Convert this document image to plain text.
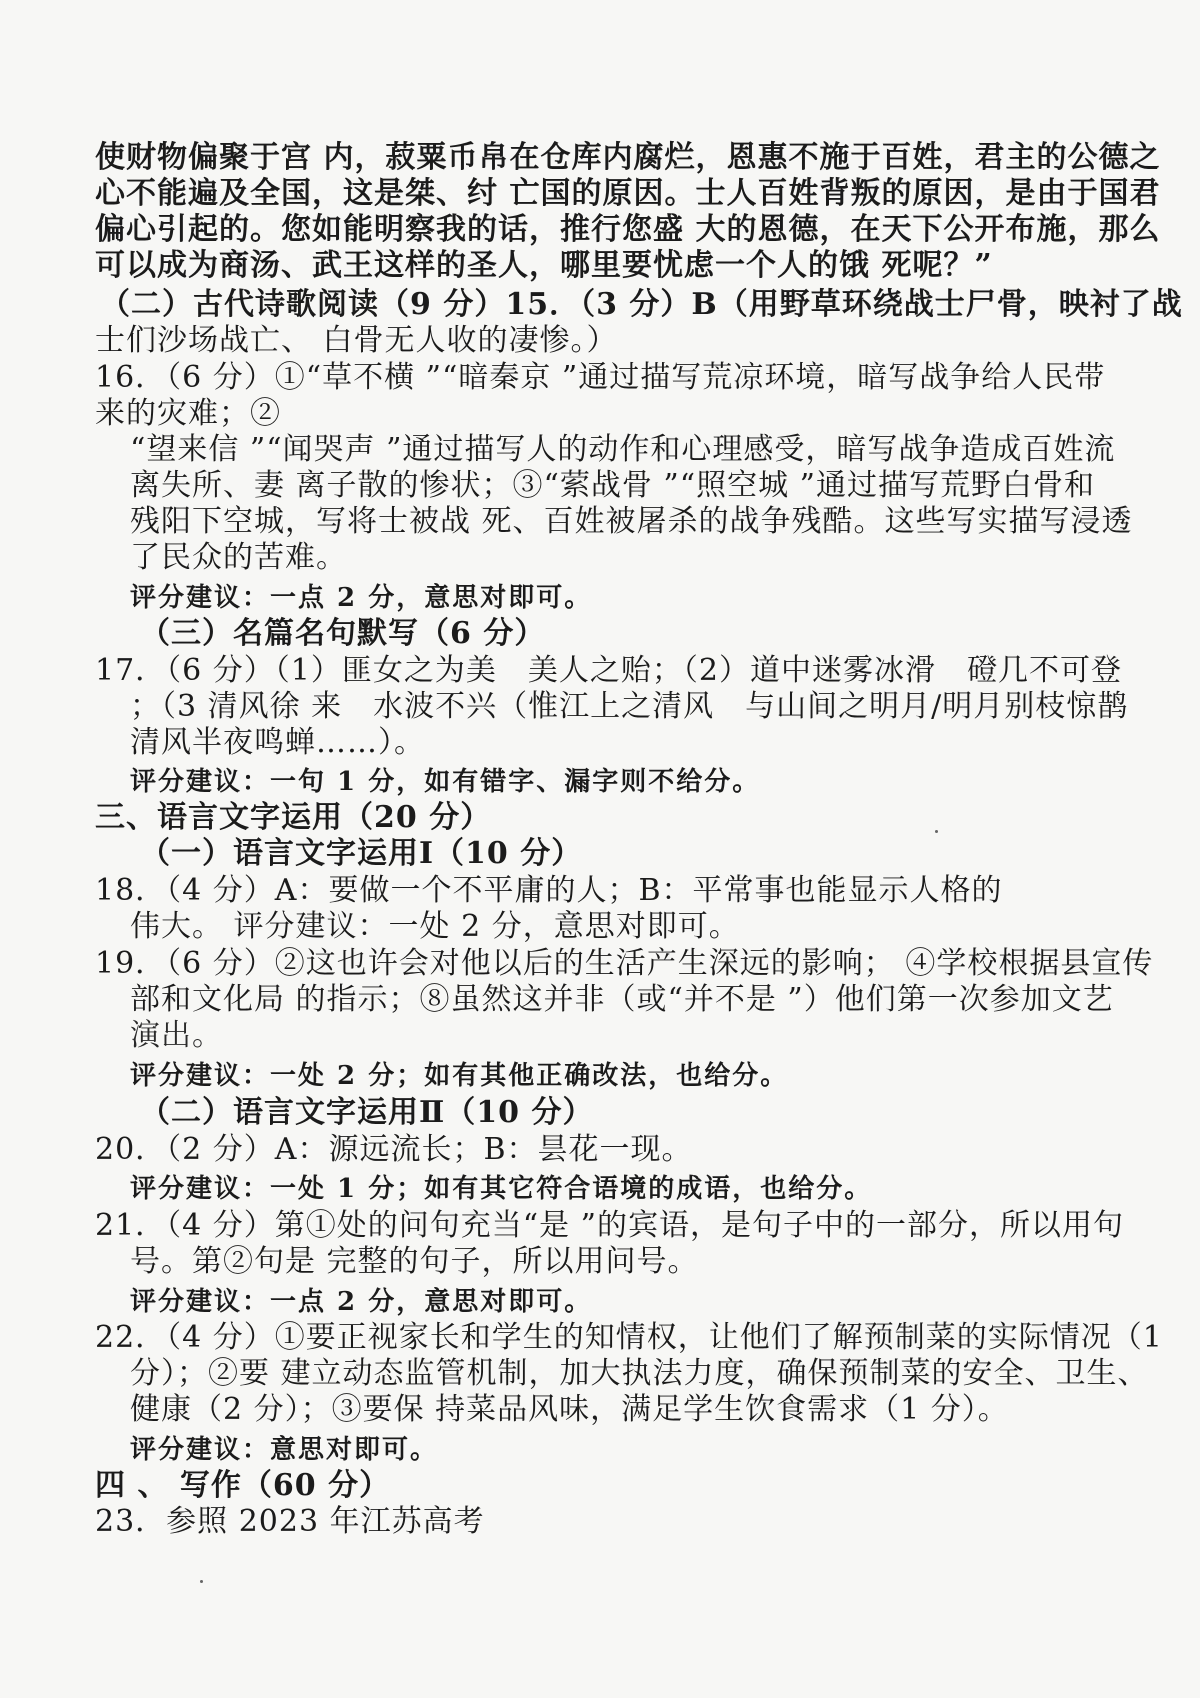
使财物偏聚于宫 内，菽粟币帛在仓库内腐烂，恩惠不施于百姓，君主的公德之
心不能遍及全国，这是桀、纣 亡国的原因。士人百姓背叛的原因，是由于国君
偏心引起的。您如能明察我的话，推行您盛 大的恩德，在天下公开布施，那么
可以成为商汤、武王这样的圣人，哪里要忧虑一个人的饿 死呢？”
（二）古代诗歌阅读（9 分）15．（3 分）B（用野草环绕战士尸骨，映衬了战
士们沙场战亡、 白骨无人收的凄惨。）
16．（6 分）①“草不横 ”“暗秦京 ”通过描写荒凉环境，暗写战争给人民带
来的灾难；②
“望来信 ”“闻哭声 ”通过描写人的动作和心理感受，暗写战争造成百姓流
离失所、妻 离子散的惨状；③“萦战骨 ”“照空城 ”通过描写荒野白骨和
残阳下空城，写将士被战 死、百姓被屠杀的战争残酷。这些写实描写浸透
了民众的苦难。
评分建议：一点 2 分，意思对即可。
（三）名篇名句默写（6 分）
17．（6 分）（1）匪女之为美　美人之贻；（2）道中迷雾冰滑　磴几不可登
；（3 清风徐 来　水波不兴（惟江上之清风　与山间之明月/明月别枝惊鹊
清风半夜鸣蝉……）。
评分建议：一句 1 分，如有错字、漏字则不给分。
三、语言文字运用（20 分）
（一）语言文字运用Ⅰ（10 分）
18．（4 分）A：要做一个不平庸的人；B：平常事也能显示人格的
伟大。 评分建议：一处 2 分，意思对即可。
19．（6 分）②这也许会对他以后的生活产生深远的影响； ④学校根据县宣传
部和文化局 的指示；⑧虽然这并非（或“并不是 ”）他们第一次参加文艺
演出。
评分建议：一处 2 分；如有其他正确改法，也给分。
（二）语言文字运用Ⅱ（10 分）
20．（2 分）A：源远流长；B：昙花一现。
评分建议：一处 1 分；如有其它符合语境的成语，也给分。
21．（4 分）第①处的问句充当“是 ”的宾语，是句子中的一部分，所以用句
号。第②句是 完整的句子，所以用问号。
评分建议：一点 2 分，意思对即可。
22．（4 分）①要正视家长和学生的知情权，让他们了解预制菜的实际情况（1
分）；②要 建立动态监管机制，加大执法力度，确保预制菜的安全、卫生、
健康（2 分）；③要保 持菜品风味，满足学生饮食需求（1 分）。
评分建议：意思对即可。
四 、 写作（60 分）
23．参照 2023 年江苏高考
